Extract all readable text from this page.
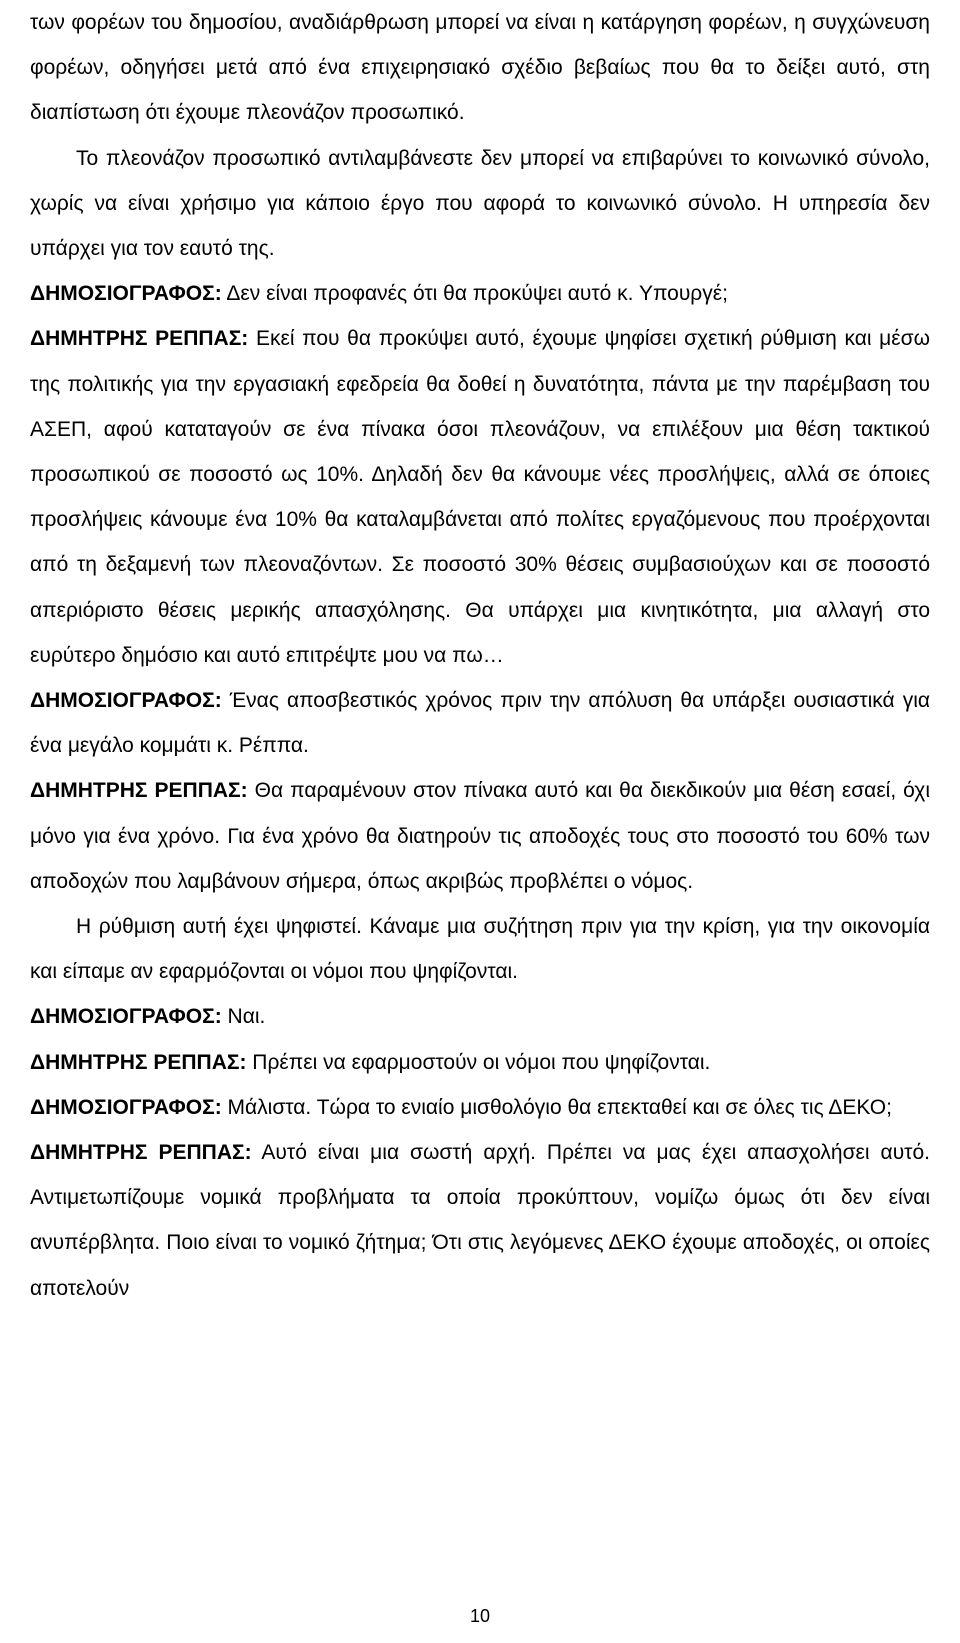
των φορέων του δημοσίου, αναδιάρθρωση μπορεί να είναι η κατάργηση φορέων, η συγχώνευση φορέων, οδηγήσει μετά από ένα επιχειρησιακό σχέδιο βεβαίως που θα το δείξει αυτό, στη διαπίστωση ότι έχουμε πλεονάζον προσωπικό.

Το πλεονάζον προσωπικό αντιλαμβάνεστε δεν μπορεί να επιβαρύνει το κοινωνικό σύνολο, χωρίς να είναι χρήσιμο για κάποιο έργο που αφορά το κοινωνικό σύνολο. Η υπηρεσία δεν υπάρχει για τον εαυτό της.

ΔΗΜΟΣΙΟΓΡΑΦΟΣ: Δεν είναι προφανές ότι θα προκύψει αυτό κ. Υπουργέ;

ΔΗΜΗΤΡΗΣ ΡΕΠΠΑΣ: Εκεί που θα προκύψει αυτό, έχουμε ψηφίσει σχετική ρύθμιση και μέσω της πολιτικής για την εργασιακή εφεδρεία θα δοθεί η δυνατότητα, πάντα με την παρέμβαση του ΑΣΕΠ, αφού καταταγούν σε ένα πίνακα όσοι πλεονάζουν, να επιλέξουν μια θέση τακτικού προσωπικού σε ποσοστό ως 10%. Δηλαδή δεν θα κάνουμε νέες προσλήψεις, αλλά σε όποιες προσλήψεις κάνουμε ένα 10% θα καταλαμβάνεται από πολίτες εργαζόμενους που προέρχονται από τη δεξαμενή των πλεοναζόντων. Σε ποσοστό 30% θέσεις συμβασιούχων και σε ποσοστό απεριόριστο θέσεις μερικής απασχόλησης. Θα υπάρχει μια κινητικότητα, μια αλλαγή στο ευρύτερο δημόσιο και αυτό επιτρέψτε μου να πω…

ΔΗΜΟΣΙΟΓΡΑΦΟΣ: Ένας αποσβεστικός χρόνος πριν την απόλυση θα υπάρξει ουσιαστικά για ένα μεγάλο κομμάτι κ. Ρέππα.

ΔΗΜΗΤΡΗΣ ΡΕΠΠΑΣ: Θα παραμένουν στον πίνακα αυτό και θα διεκδικούν μια θέση εσαεί, όχι μόνο για ένα χρόνο. Για ένα χρόνο θα διατηρούν τις αποδοχές τους στο ποσοστό του 60% των αποδοχών που λαμβάνουν σήμερα, όπως ακριβώς προβλέπει ο νόμος.

Η ρύθμιση αυτή έχει ψηφιστεί. Κάναμε μια συζήτηση πριν για την κρίση, για την οικονομία και είπαμε αν εφαρμόζονται οι νόμοι που ψηφίζονται.

ΔΗΜΟΣΙΟΓΡΑΦΟΣ: Ναι.

ΔΗΜΗΤΡΗΣ ΡΕΠΠΑΣ: Πρέπει να εφαρμοστούν οι νόμοι που ψηφίζονται.

ΔΗΜΟΣΙΟΓΡΑΦΟΣ: Μάλιστα. Τώρα το ενιαίο μισθολόγιο θα επεκταθεί και σε όλες τις ΔΕΚΟ;

ΔΗΜΗΤΡΗΣ ΡΕΠΠΑΣ: Αυτό είναι μια σωστή αρχή. Πρέπει να μας έχει απασχολήσει αυτό. Αντιμετωπίζουμε νομικά προβλήματα τα οποία προκύπτουν, νομίζω όμως ότι δεν είναι ανυπέρβλητα. Ποιο είναι το νομικό ζήτημα; Ότι στις λεγόμενες ΔΕΚΟ έχουμε αποδοχές, οι οποίες αποτελούν

10
